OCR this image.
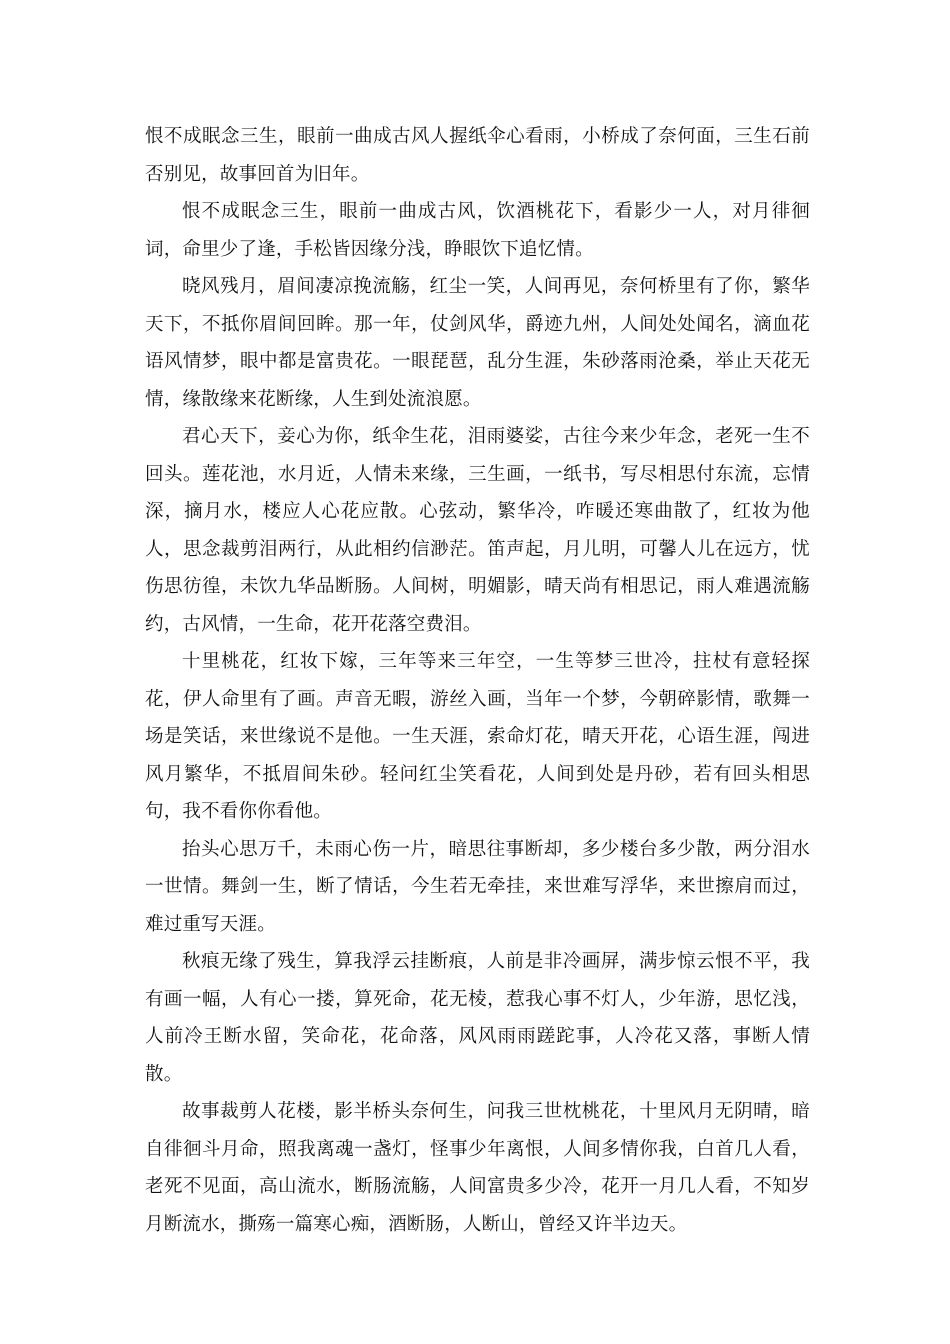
恨不成眠念三生，眼前一曲成古风人握纸伞心看雨，小桥成了奈何面，三生石前否别见，故事回首为旧年。

恨不成眠念三生，眼前一曲成古风，饮酒桃花下，看影少一人，对月徘徊词，命里少了逢，手松皆因缘分浅，睁眼饮下追忆情。

晓风残月，眉间凄凉挽流觞，红尘一笑，人间再见，奈何桥里有了你，繁华天下，不抵你眉间回眸。那一年，仗剑风华，爵迹九州，人间处处闻名，滴血花语风情梦，眼中都是富贵花。一眼琵琶，乱分生涯，朱砂落雨沧桑，举止天花无情，缘散缘来花断缘，人生到处流浪愿。

君心天下，妾心为你，纸伞生花，泪雨婆娑，古往今来少年念，老死一生不回头。莲花池，水月近，人情未来缘，三生画，一纸书，写尽相思付东流，忘情深，摘月水，楼应人心花应散。心弦动，繁华冷，咋暖还寒曲散了，红妆为他人，思念裁剪泪两行，从此相约信渺茫。笛声起，月儿明，可馨人儿在远方，忧伤思彷徨，未饮九华品断肠。人间树，明媚影，晴天尚有相思记，雨人难遇流觞约，古风情，一生命，花开花落空费泪。

十里桃花，红妆下嫁，三年等来三年空，一生等梦三世冷，拄杖有意轻探花，伊人命里有了画。声音无暇，游丝入画，当年一个梦，今朝碎影情，歌舞一场是笑话，来世缘说不是他。一生天涯，索命灯花，晴天开花，心语生涯，闯进风月繁华，不抵眉间朱砂。轻问红尘笑看花，人间到处是丹砂，若有回头相思句，我不看你你看他。

抬头心思万千，未雨心伤一片，暗思往事断却，多少楼台多少散，两分泪水一世情。舞剑一生，断了情话，今生若无牵挂，来世难写浮华，来世擦肩而过，难过重写天涯。

秋痕无缘了残生，算我浮云挂断痕，人前是非冷画屏，满步惊云恨不平，我有画一幅，人有心一搂，算死命，花无棱，惹我心事不灯人，少年游，思忆浅，人前冷王断水留，笑命花，花命落，风风雨雨蹉跎事，人冷花又落，事断人情散。

故事裁剪人花楼，影半桥头奈何生，问我三世枕桃花，十里风月无阴晴，暗自徘徊斗月命，照我离魂一盏灯，怪事少年离恨，人间多情你我，白首几人看，老死不见面，高山流水，断肠流觞，人间富贵多少冷，花开一月几人看，不知岁月断流水，撕殇一篇寒心痴，酒断肠，人断山，曾经又许半边天。
